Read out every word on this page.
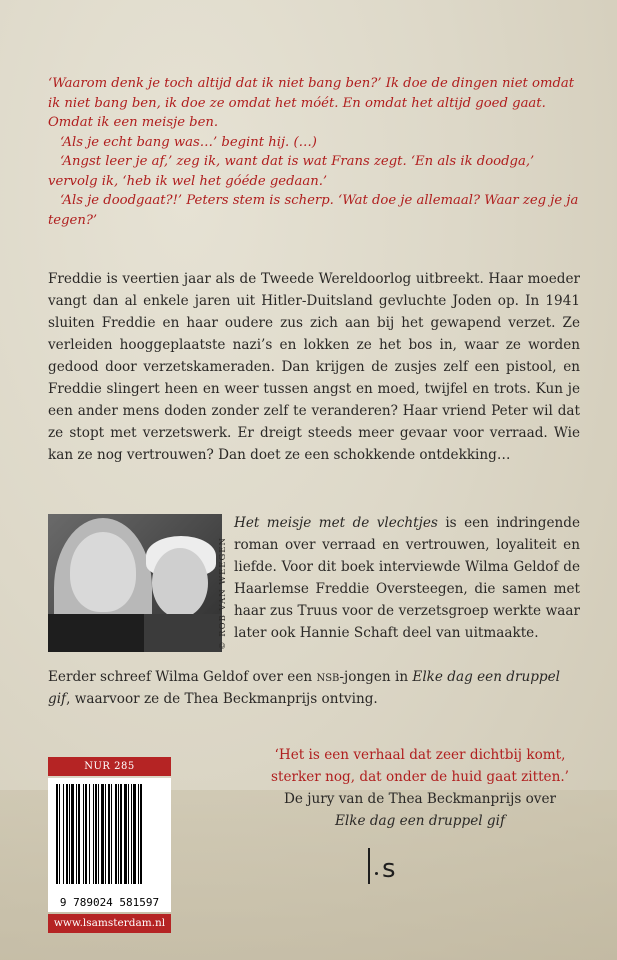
‘Waarom denk je toch altijd dat ik niet bang ben?’ Ik doe de dingen niet omdat ik niet bang ben, ik doe ze omdat het móét. En omdat het altijd goed gaat. Omdat ik een meisje ben.

‘Als je echt bang was…’ begint hij. (…)

‘Angst leer je af,’ zeg ik, want dat is wat Frans zegt. ‘En als ik doodga,’ vervolg ik, ‘heb ik wel het góéde gedaan.’

‘Als je doodgaat?!’ Peters stem is scherp. ‘Wat doe je allemaal? Waar zeg je ja tegen?’

Freddie is veertien jaar als de Tweede Wereldoorlog uitbreekt. Haar moeder vangt dan al enkele jaren uit Hitler-Duitsland gevluchte Joden op. In 1941 sluiten Freddie en haar oudere zus zich aan bij het gewapend verzet. Ze verleiden hooggeplaatste nazi’s en lokken ze het bos in, waar ze worden gedood door verzetskameraden. Dan krijgen de zusjes zelf een pistool, en Freddie slingert heen en weer tussen angst en moed, twijfel en trots. Kun je een ander mens doden zonder zelf te veranderen? Haar vriend Peter wil dat ze stopt met verzetswerk. Er dreigt steeds meer gevaar voor verraad. Wie kan ze nog vertrouwen? Dan doet ze een schokkende ontdekking…

© ROB VAN WEEGEN
Het meisje met de vlechtjes is een indringende roman over verraad en vertrouwen, loyaliteit en liefde. Voor dit boek interviewde Wilma Geldof de Haarlemse Freddie Oversteegen, die samen met haar zus Truus voor de verzetsgroep werkte waar later ook Hannie Schaft deel van uitmaakte.
Eerder schreef Wilma Geldof over een nsb-jongen in Elke dag een druppel gif, waarvoor ze de Thea Beckmanprijs ontving.
NUR 285
9 789024 581597
www.lsamsterdam.nl
‘Het is een verhaal dat zeer dichtbij komt, sterker nog, dat onder de huid gaat zitten.’
De jury van de Thea Beckmanprijs over
Elke dag een druppel gif
s
